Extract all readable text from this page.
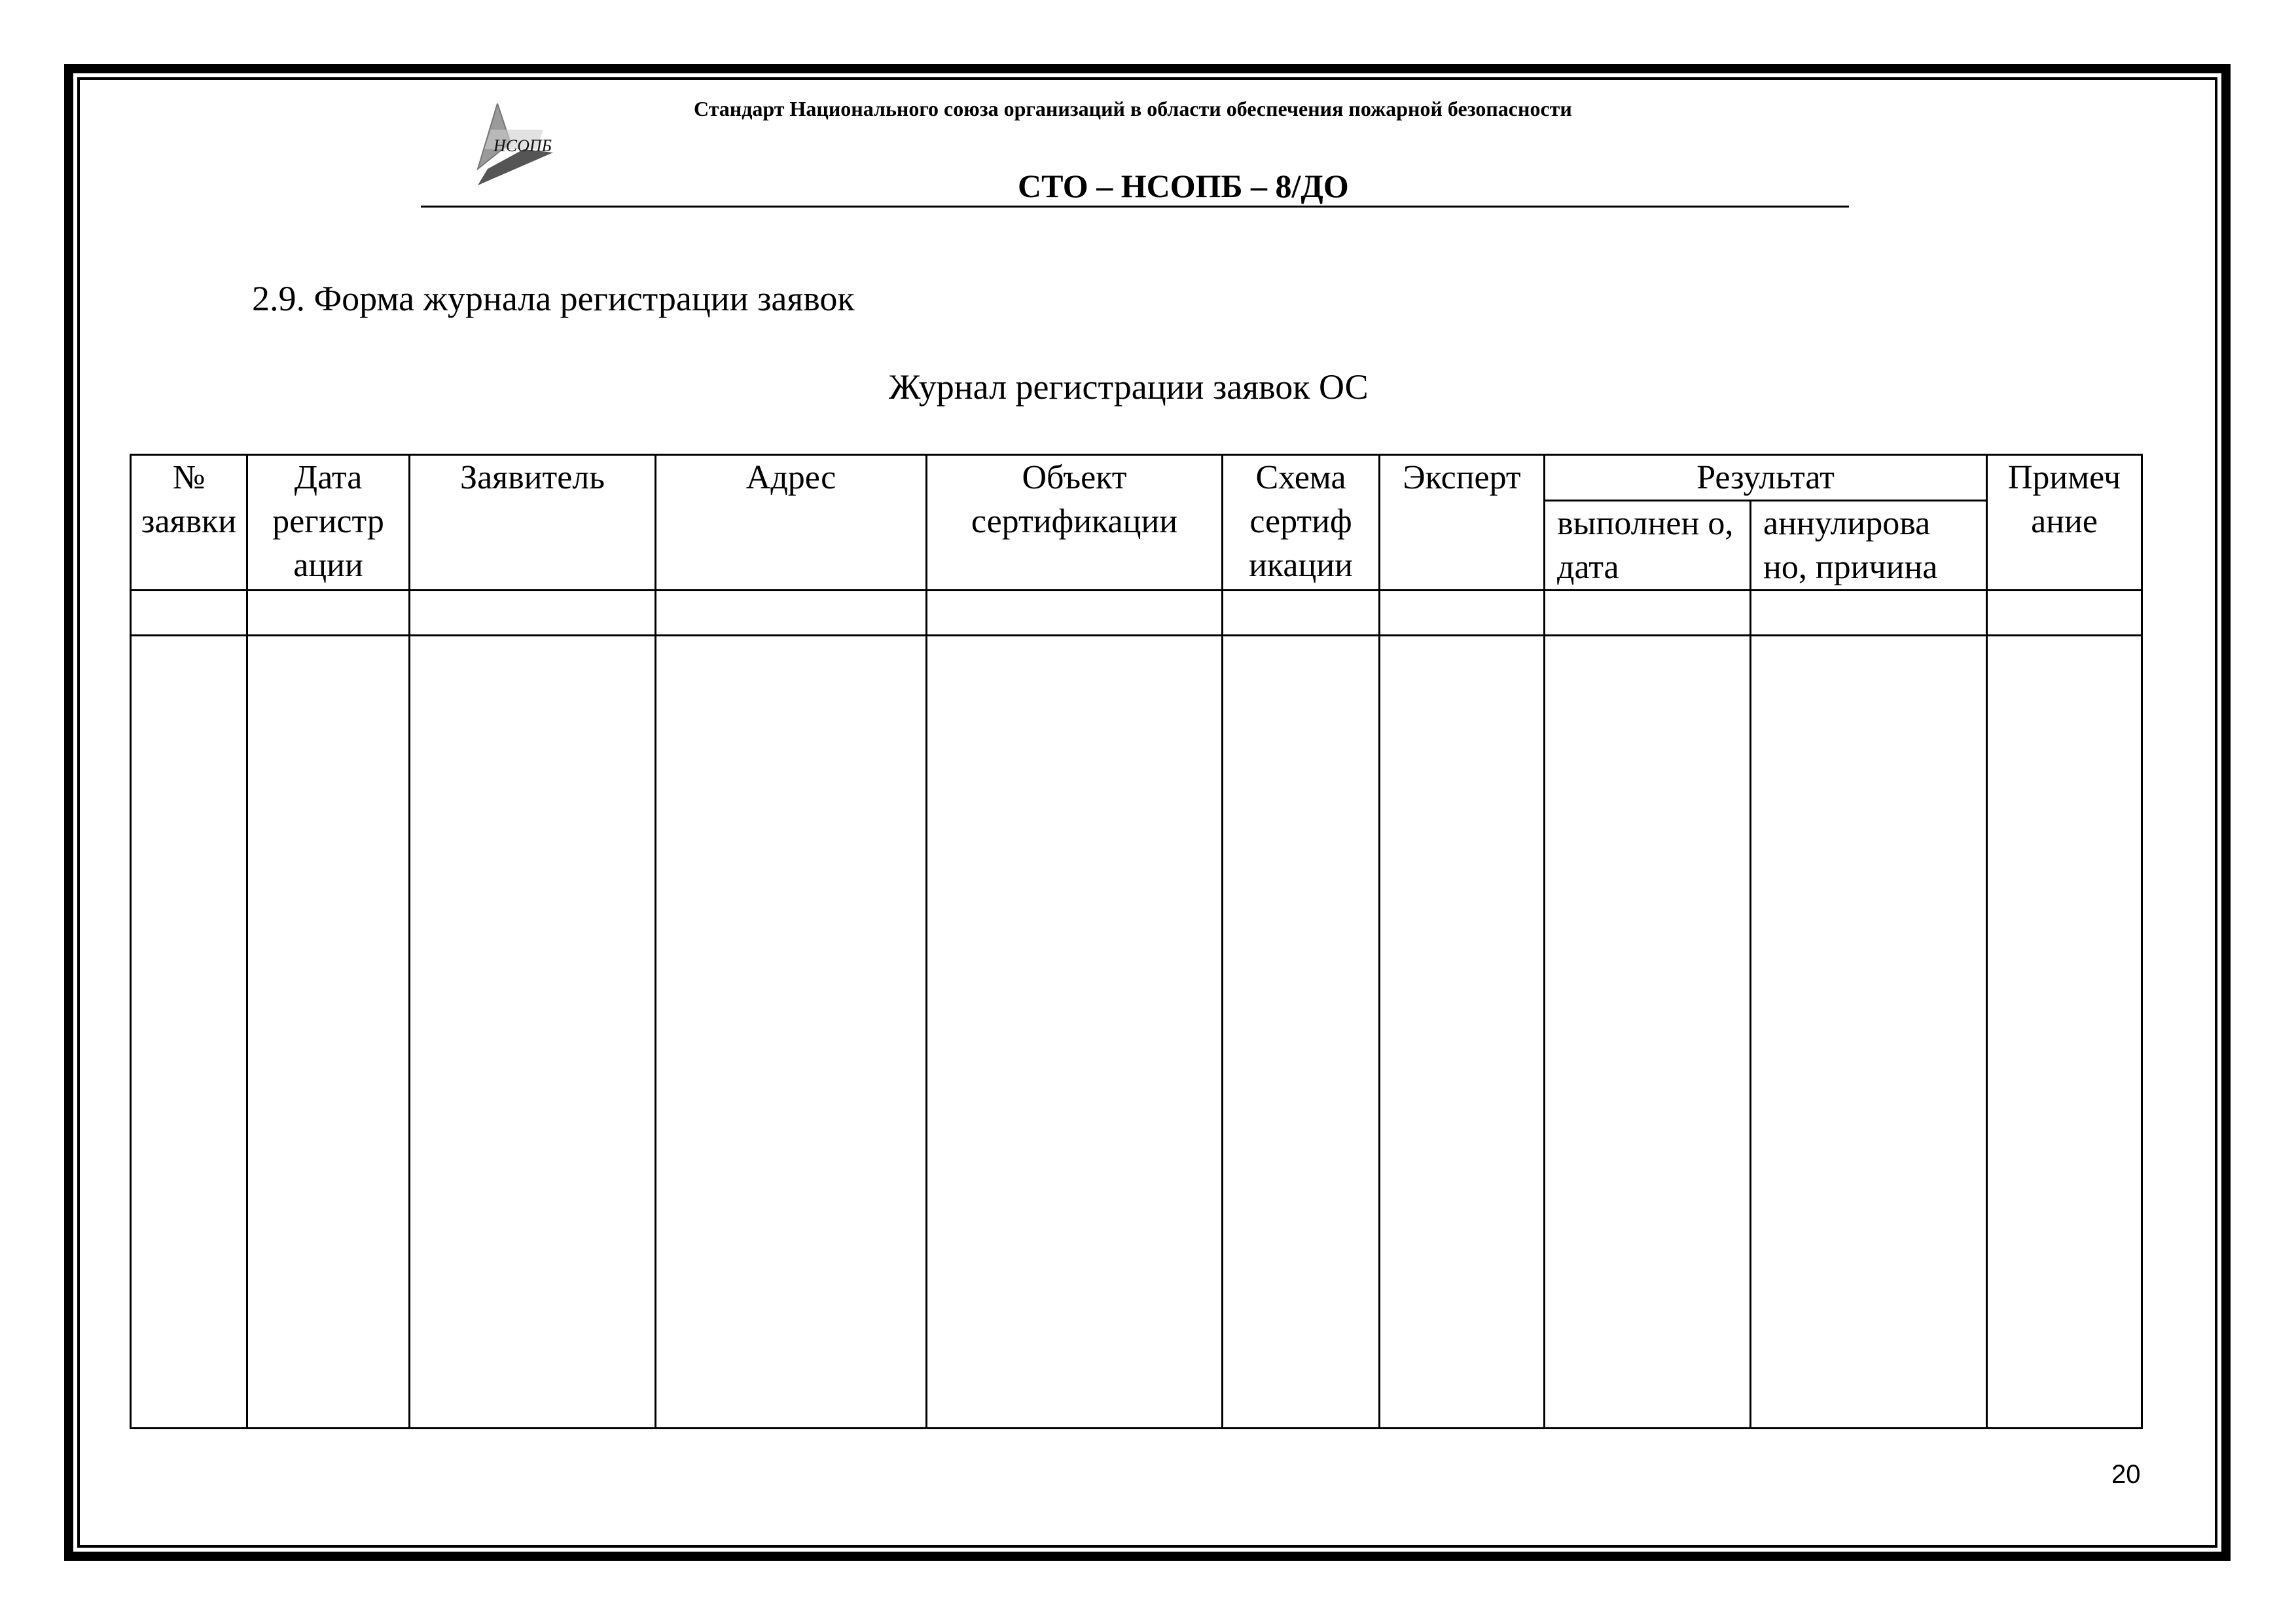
НСОПБ
Стандарт Национального союза организаций в области обеспечения пожарной безопасности
СТО – НСОПБ – 8/ДО
2.9. Форма журнала регистрации заявок
Журнал регистрации заявок ОС
№ заявки	Дата регистр ации	Заявитель	Адрес	Объект сертификации	Схема сертиф икации	Эксперт	Результат		Примеч ание
							выполнен о, дата	аннулирова но, причина	

20
